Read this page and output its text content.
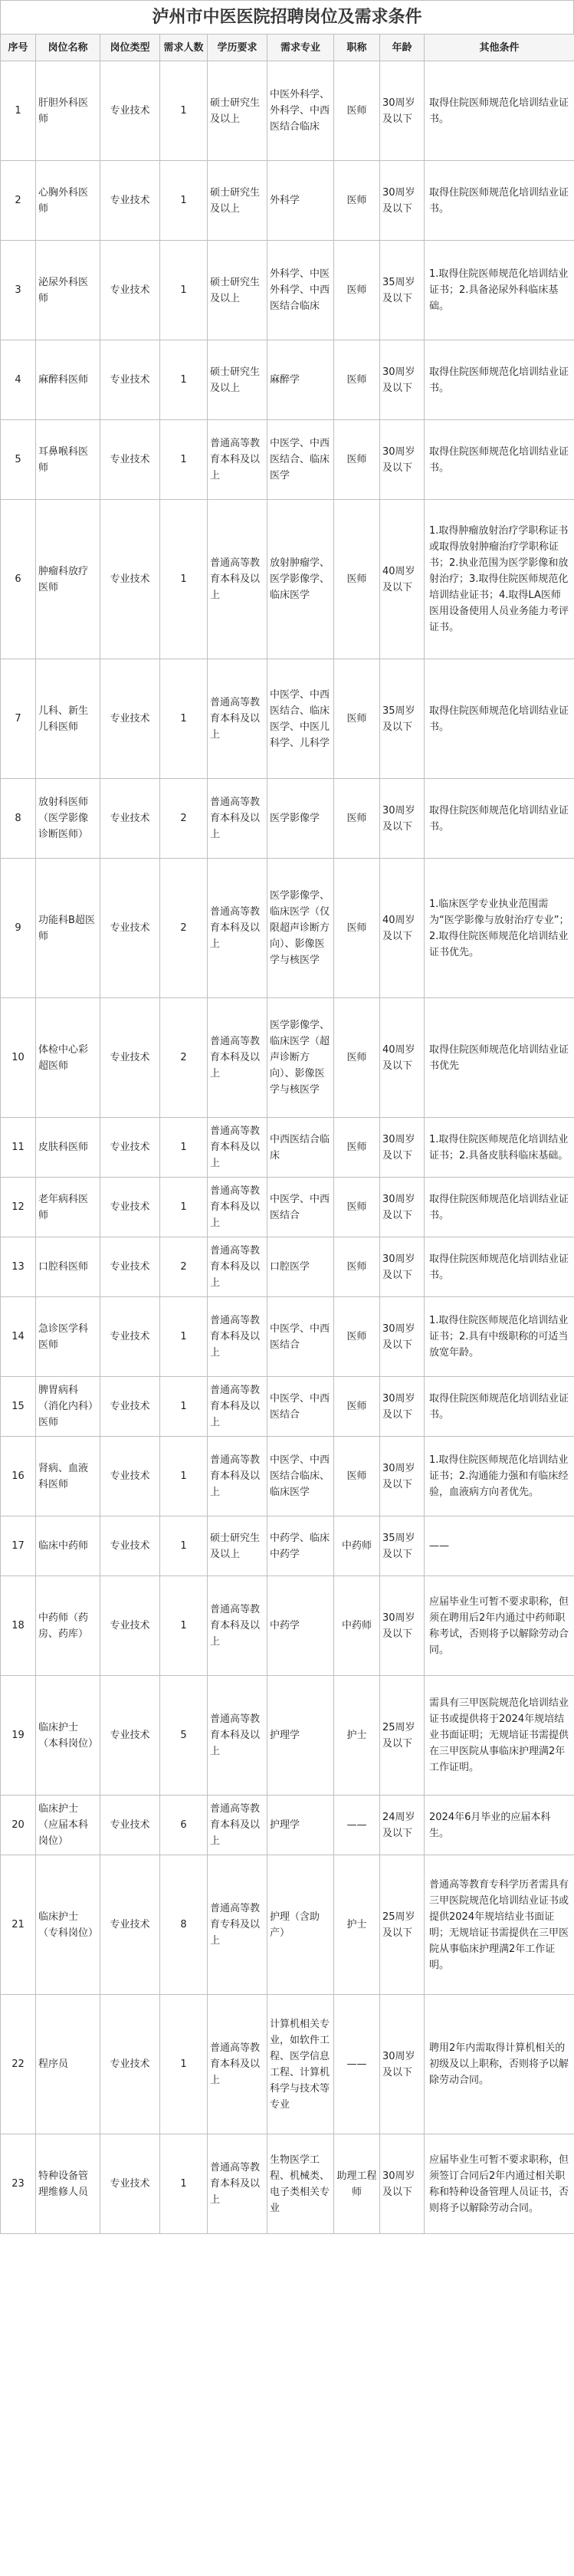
泸州市中医医院招聘岗位及需求条件
序号	岗位名称	岗位类型	需求人数	学历要求	需求专业	职称	年龄	其他条件
1	肝胆外科医师	专业技术	1	硕士研究生及以上	中医外科学、外科学、中西医结合临床	医师	30周岁及以下	取得住院医师规范化培训结业证书。
2	心胸外科医师	专业技术	1	硕士研究生及以上	外科学	医师	30周岁及以下	取得住院医师规范化培训结业证书。
3	泌尿外科医师	专业技术	1	硕士研究生及以上	外科学、中医外科学、中西医结合临床	医师	35周岁及以下	1.取得住院医师规范化培训结业证书；2.具备泌尿外科临床基础。
4	麻醉科医师	专业技术	1	硕士研究生及以上	麻醉学	医师	30周岁及以下	取得住院医师规范化培训结业证书。
5	耳鼻喉科医师	专业技术	1	普通高等教育本科及以上	中医学、中西医结合、临床医学	医师	30周岁及以下	取得住院医师规范化培训结业证书。
6	肿瘤科放疗医师	专业技术	1	普通高等教育本科及以上	放射肿瘤学、医学影像学、临床医学	医师	40周岁及以下	1.取得肿瘤放射治疗学职称证书或取得放射肿瘤治疗学职称证书；2.执业范围为医学影像和放射治疗；3.取得住院医师规范化培训结业证书；4.取得LA医师医用设备使用人员业务能力考评证书。
7	儿科、新生儿科医师	专业技术	1	普通高等教育本科及以上	中医学、中西医结合、临床医学、中医儿科学、儿科学	医师	35周岁及以下	取得住院医师规范化培训结业证书。
8	放射科医师（医学影像诊断医师）	专业技术	2	普通高等教育本科及以上	医学影像学	医师	30周岁及以下	取得住院医师规范化培训结业证书。
9	功能科B超医师	专业技术	2	普通高等教育本科及以上	医学影像学、临床医学（仅限超声诊断方向）、影像医学与核医学	医师	40周岁及以下	1.临床医学专业执业范围需为“医学影像与放射治疗专业”；2.取得住院医师规范化培训结业证书优先。
10	体检中心彩超医师	专业技术	2	普通高等教育本科及以上	医学影像学、临床医学（超声诊断方向）、影像医学与核医学	医师	40周岁及以下	取得住院医师规范化培训结业证书优先
11	皮肤科医师	专业技术	1	普通高等教育本科及以上	中西医结合临床	医师	30周岁及以下	1.取得住院医师规范化培训结业证书；2.具备皮肤科临床基础。
12	老年病科医师	专业技术	1	普通高等教育本科及以上	中医学、中西医结合	医师	30周岁及以下	取得住院医师规范化培训结业证书。
13	口腔科医师	专业技术	2	普通高等教育本科及以上	口腔医学	医师	30周岁及以下	取得住院医师规范化培训结业证书。
14	急诊医学科医师	专业技术	1	普通高等教育本科及以上	中医学、中西医结合	医师	30周岁及以下	1.取得住院医师规范化培训结业证书；2.具有中级职称的可适当放宽年龄。
15	脾胃病科（消化内科）医师	专业技术	1	普通高等教育本科及以上	中医学、中西医结合	医师	30周岁及以下	取得住院医师规范化培训结业证书。
16	肾病、血液科医师	专业技术	1	普通高等教育本科及以上	中医学、中西医结合临床、临床医学	医师	30周岁及以下	1.取得住院医师规范化培训结业证书；2.沟通能力强和有临床经验，血液病方向者优先。
17	临床中药师	专业技术	1	硕士研究生及以上	中药学、临床中药学	中药师	35周岁及以下	——
18	中药师（药房、药库）	专业技术	1	普通高等教育本科及以上	中药学	中药师	30周岁及以下	应届毕业生可暂不要求职称，但须在聘用后2年内通过中药师职称考试，否则将予以解除劳动合同。
19	临床护士（本科岗位）	专业技术	5	普通高等教育本科及以上	护理学	护士	25周岁及以下	需具有三甲医院规范化培训结业证书或提供将于2024年规培结业书面证明；无规培证书需提供在三甲医院从事临床护理满2年工作证明。
20	临床护士（应届本科岗位）	专业技术	6	普通高等教育本科及以上	护理学	——	24周岁及以下	2024年6月毕业的应届本科生。
21	临床护士（专科岗位）	专业技术	8	普通高等教育专科及以上	护理（含助产）	护士	25周岁及以下	普通高等教育专科学历者需具有三甲医院规范化培训结业证书或提供2024年规培结业书面证明；无规培证书需提供在三甲医院从事临床护理满2年工作证明。
22	程序员	专业技术	1	普通高等教育本科及以上	计算机相关专业，如软件工程、医学信息工程、计算机科学与技术等专业	——	30周岁及以下	聘用2年内需取得计算机相关的初级及以上职称，否则将予以解除劳动合同。
23	特种设备管理维修人员	专业技术	1	普通高等教育本科及以上	生物医学工程、机械类、电子类相关专业	助理工程师	30周岁及以下	应届毕业生可暂不要求职称，但须签订合同后2年内通过相关职称和特种设备管理人员证书，否则将予以解除劳动合同。
